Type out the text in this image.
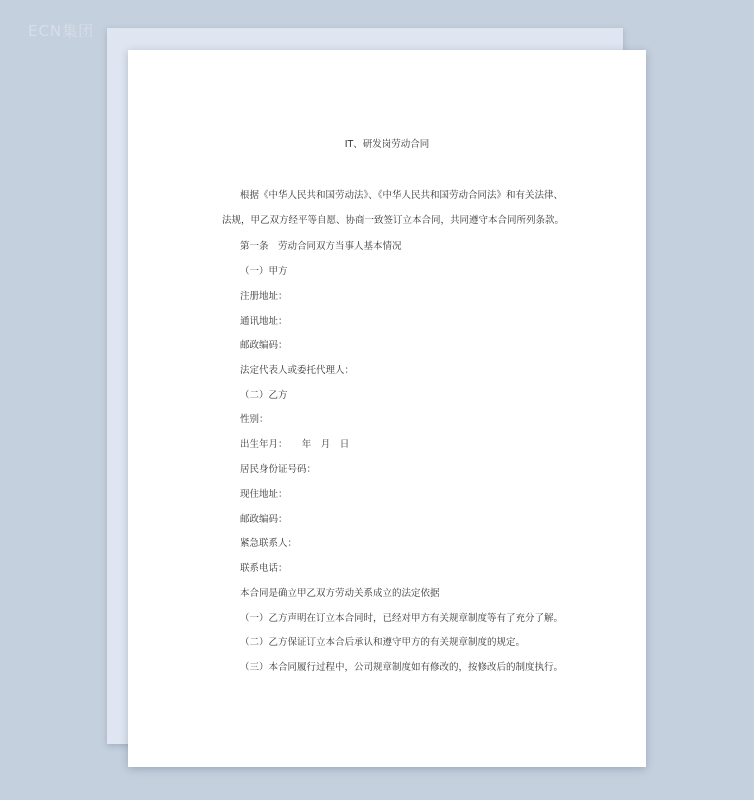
ECN集团
IT、研发岗劳动合同
根据《中华人民共和国劳动法》、《中华人民共和国劳动合同法》和有关法律、
法规，甲乙双方经平等自愿、协商一致签订立本合同，共同遵守本合同所列条款。
第一条　劳动合同双方当事人基本情况
（一）甲方
注册地址：
通讯地址：
邮政编码：
法定代表人或委托代理人：
（二）乙方
性别：
出生年月：　　年　月　日
居民身份证号码：
现住地址：
邮政编码：
紧急联系人：
联系电话：
本合同是确立甲乙双方劳动关系成立的法定依据
（一）乙方声明在订立本合同时，已经对甲方有关规章制度等有了充分了解。
（二）乙方保证订立本合后承认和遵守甲方的有关规章制度的规定。
（三）本合同履行过程中，公司规章制度如有修改的，按修改后的制度执行。
